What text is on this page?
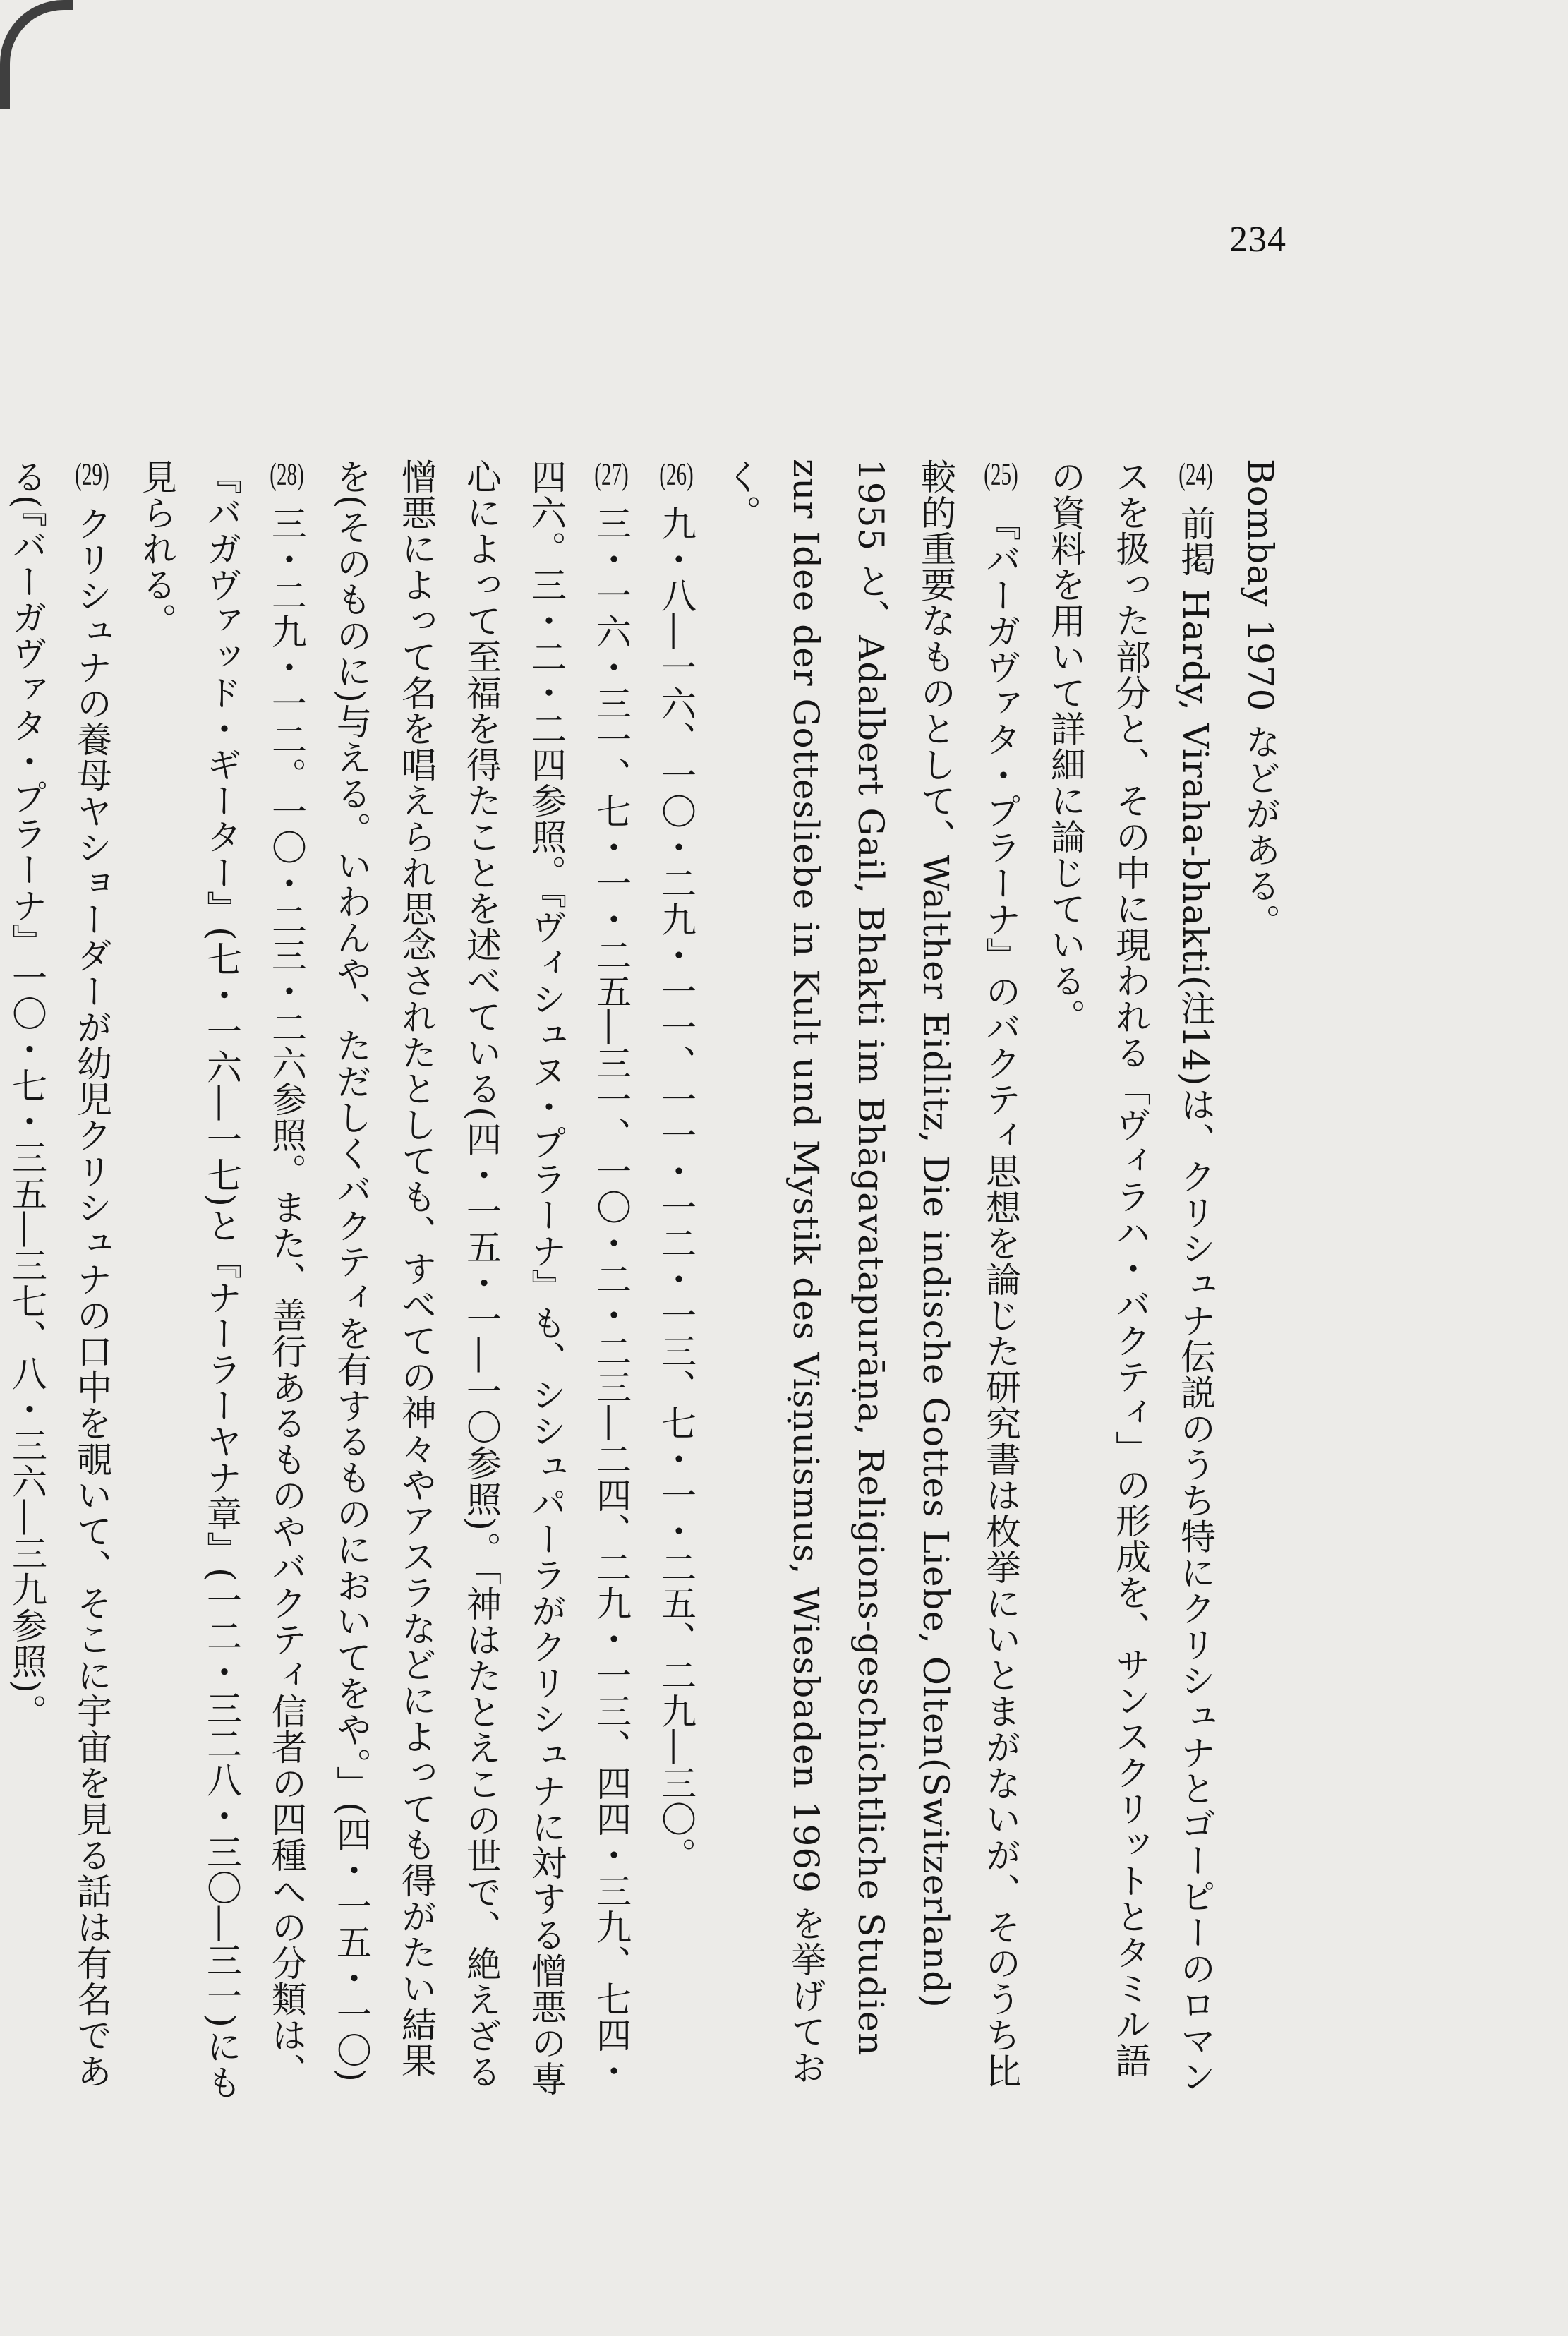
234
Bombay 1970 などがある。
(24)前掲 Hardy, Viraha-bhakti(注14)は、クリシュナ伝説のうち特にクリシュナとゴーピーのロマンスを扱った部分と、その中に現われる「ヴィラハ・バクティ」の形成を、サンスクリットとタミル語の資料を用いて詳細に論じている。
(25)『バーガヴァタ・プラーナ』のバクティ思想を論じた研究書は枚挙にいとまがないが、そのうち比較的重要なものとして、Walther Eidlitz, Die indische Gottes Liebe, Olten(Switzerland) 1955 と、Adalbert Gail, Bhakti im Bhāgavatapurāṇa, Religions-geschichtliche Studien zur Idee der Gottesliebe in Kult und Mystik des Viṣṇuismus, Wiesbaden 1969 を挙げておく。
(26)九・八―一六、一〇・二九・一一、一一・一二・一三、七・一・二五、二九―三〇。
(27)三・一六・三一、七・一・二五―三一、一〇・二・二三―二四、二九・一三、四四・三九、七四・四六。三・二・二四参照。『ヴィシュヌ・プラーナ』も、シシュパーラがクリシュナに対する憎悪の専心によって至福を得たことを述べている(四・一五・一―一〇参照)。「神はたとえこの世で、絶えざる憎悪によって名を唱えられ思念されたとしても、すべての神々やアスラなどによっても得がたい結果を(そのものに)与える。いわんや、ただしくバクティを有するものにおいてをや。」(四・一五・一〇)
(28)三・二九・一二。一〇・二三・二六参照。また、善行あるものやバクティ信者の四種への分類は、『バガヴァッド・ギーター』(七・一六―一七)と『ナーラーヤナ章』(一二・三二八・三〇―三一)にも見られる。
(29)クリシュナの養母ヤショーダーが幼児クリシュナの口中を覗いて、そこに宇宙を見る話は有名である(『バーガヴァタ・プラーナ』一〇・七・三五―三七、八・三六―三九参照)。
